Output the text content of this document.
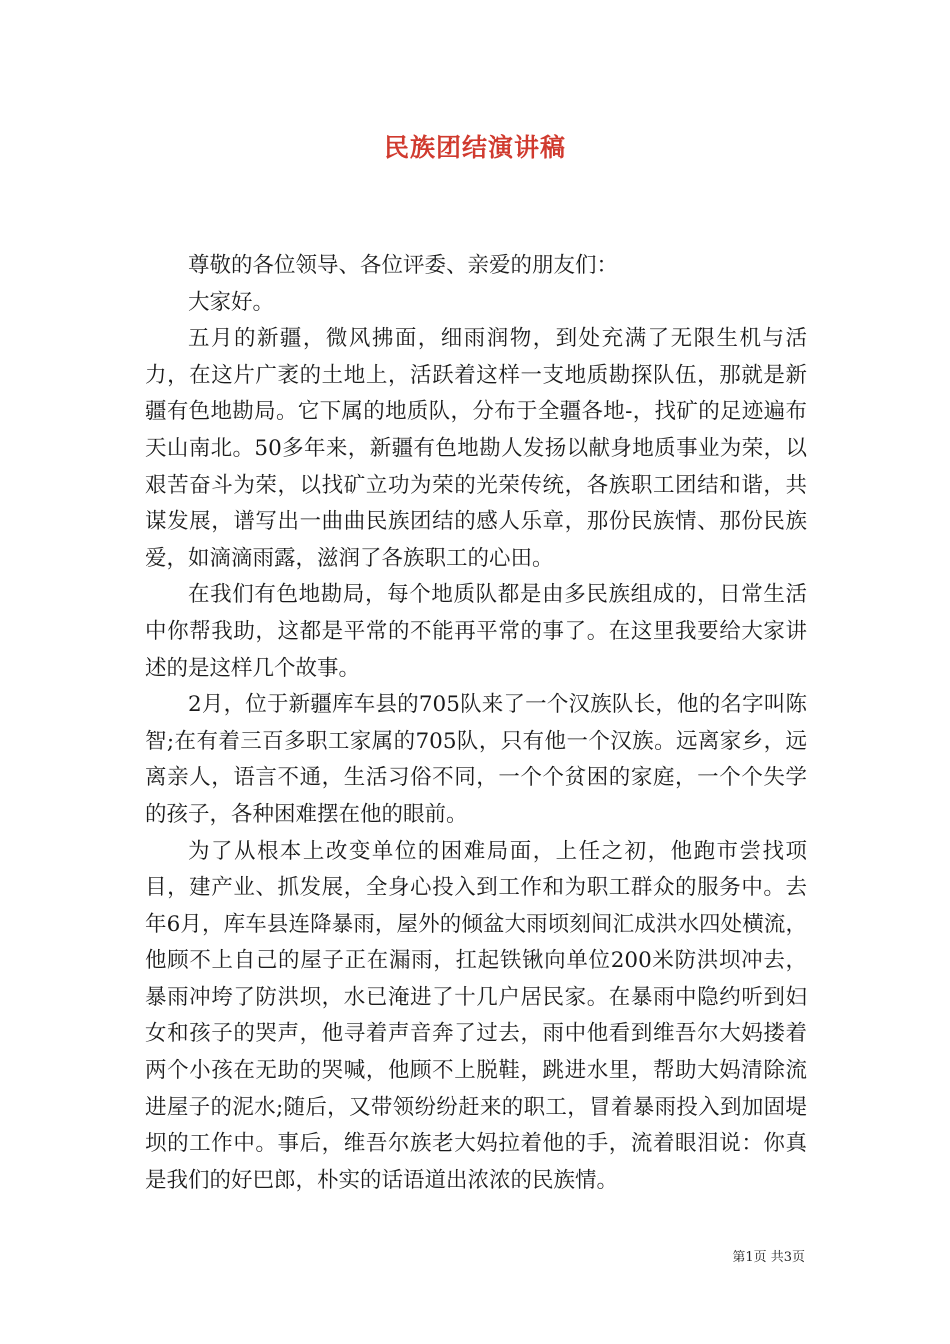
民族团结演讲稿

尊敬的各位领导、各位评委、亲爱的朋友们：

大家好。

五月的新疆，微风拂面，细雨润物，到处充满了无限生机与活力，在这片广袤的土地上，活跃着这样一支地质勘探队伍，那就是新疆有色地勘局。它下属的地质队，分布于全疆各地-，找矿的足迹遍布天山南北。50多年来，新疆有色地勘人发扬以献身地质事业为荣，以艰苦奋斗为荣，以找矿立功为荣的光荣传统，各族职工团结和谐，共谋发展，谱写出一曲曲民族团结的感人乐章，那份民族情、那份民族爱，如滴滴雨露，滋润了各族职工的心田。

在我们有色地勘局，每个地质队都是由多民族组成的，日常生活中你帮我助，这都是平常的不能再平常的事了。在这里我要给大家讲述的是这样几个故事。

2月，位于新疆库车县的705队来了一个汉族队长，他的名字叫陈智;在有着三百多职工家属的705队，只有他一个汉族。远离家乡，远离亲人，语言不通，生活习俗不同，一个个贫困的家庭，一个个失学的孩子，各种困难摆在他的眼前。

为了从根本上改变单位的困难局面，上任之初，他跑市尝找项目，建产业、抓发展，全身心投入到工作和为职工群众的服务中。去年6月，库车县连降暴雨，屋外的倾盆大雨顷刻间汇成洪水四处横流，他顾不上自己的屋子正在漏雨，扛起铁锹向单位200米防洪坝冲去，暴雨冲垮了防洪坝，水已淹进了十几户居民家。在暴雨中隐约听到妇女和孩子的哭声，他寻着声音奔了过去，雨中他看到维吾尔大妈搂着两个小孩在无助的哭喊，他顾不上脱鞋，跳进水里，帮助大妈清除流进屋子的泥水;随后，又带领纷纷赶来的职工，冒着暴雨投入到加固堤坝的工作中。事后，维吾尔族老大妈拉着他的手，流着眼泪说：你真是我们的好巴郎，朴实的话语道出浓浓的民族情。

第1页 共3页
